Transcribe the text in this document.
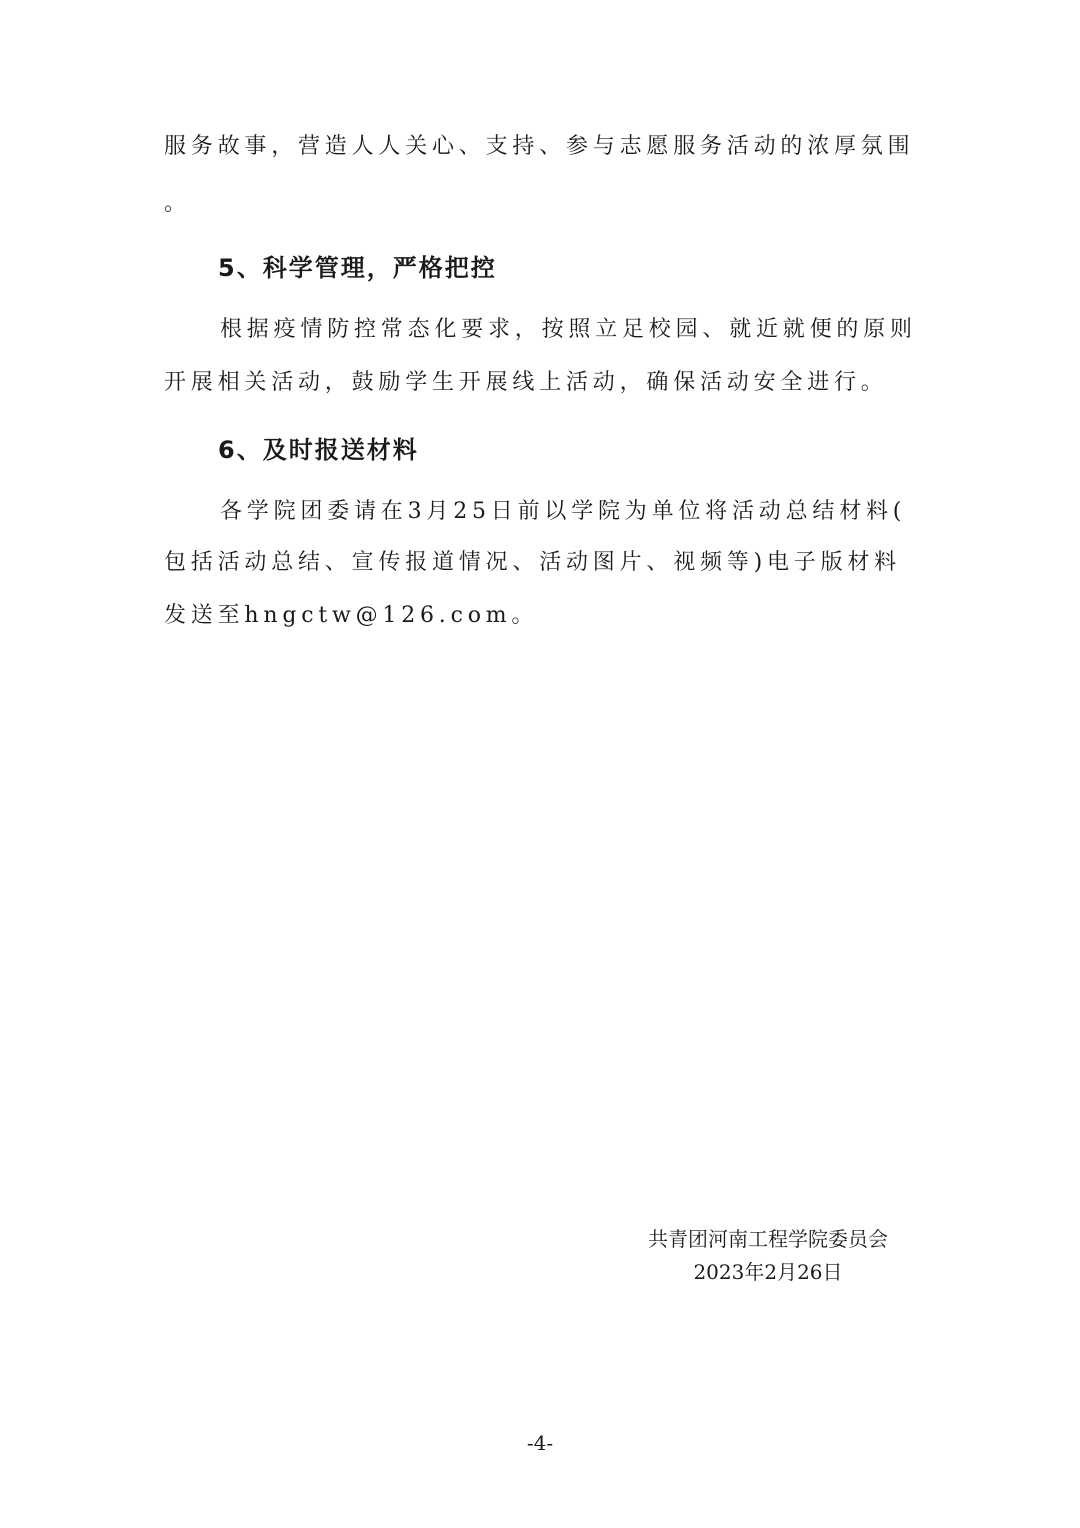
服务故事，营造人人关心、支持、参与志愿服务活动的浓厚氛围
。
5、科学管理，严格把控
根据疫情防控常态化要求，按照立足校园、就近就便的原则
开展相关活动，鼓励学生开展线上活动，确保活动安全进行。
6、及时报送材料
各学院团委请在3月25日前以学院为单位将活动总结材料(
包括活动总结、宣传报道情况、活动图片、视频等)电子版材料
发送至hngctw@126.com。
共青团河南工程学院委员会
2023年2月26日
-4-
